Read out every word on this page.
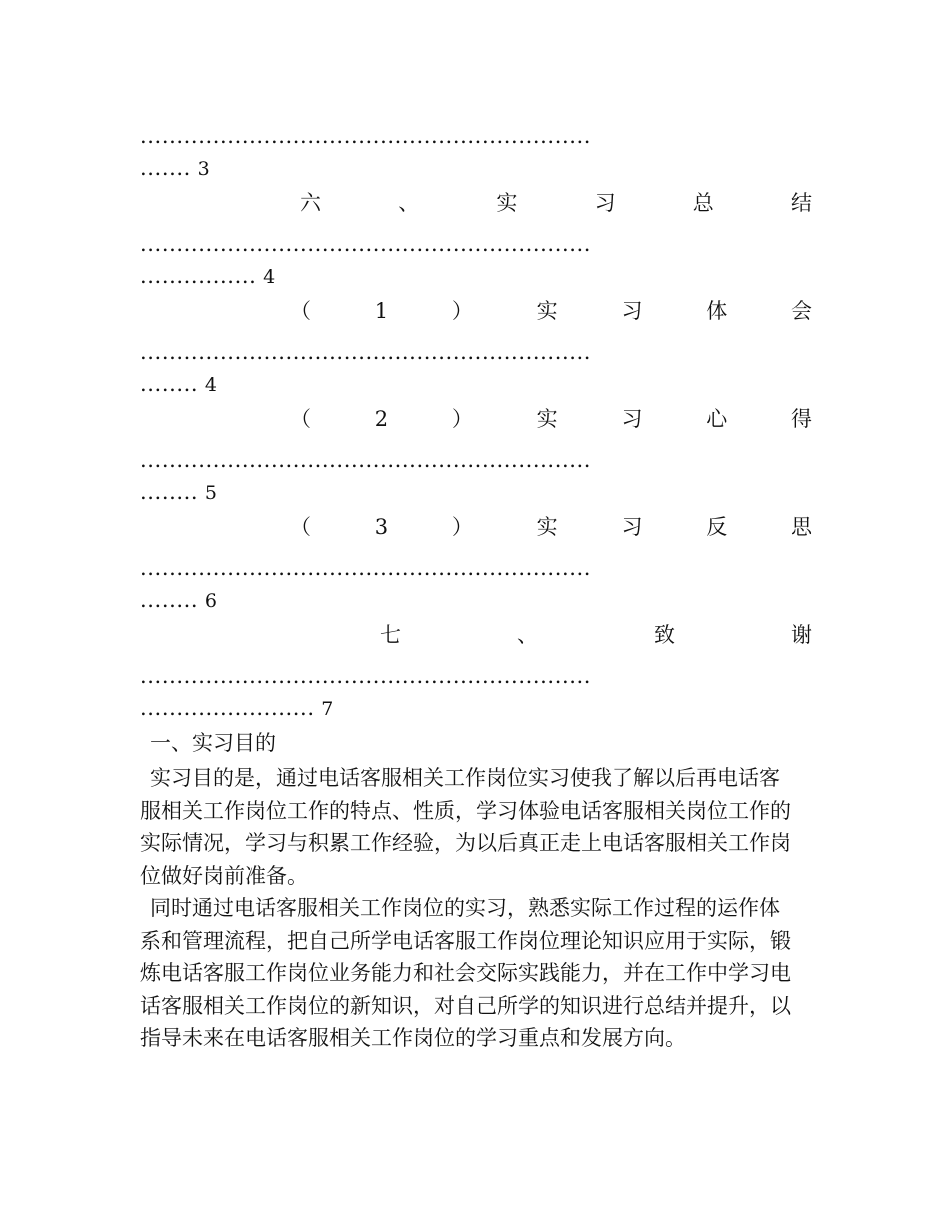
..............................................................
....... 3
六	、	实	习	总	结
..............................................................
................ 4
（	1	）	实	习	体	会
..............................................................
........ 4
（	2	）	实	习	心	得
..............................................................
........ 5
（	3	）	实	习	反	思
..............................................................
........ 6
七	、	致	谢
..............................................................
........................ 7
一、实习目的
实习目的是，通过电话客服相关工作岗位实习使我了解以后再电话客
服相关工作岗位工作的特点、性质，学习体验电话客服相关岗位工作的
实际情况，学习与积累工作经验，为以后真正走上电话客服相关工作岗
位做好岗前准备。
同时通过电话客服相关工作岗位的实习，熟悉实际工作过程的运作体
系和管理流程，把自己所学电话客服工作岗位理论知识应用于实际，锻
炼电话客服工作岗位业务能力和社会交际实践能力，并在工作中学习电
话客服相关工作岗位的新知识，对自己所学的知识进行总结并提升，以
指导未来在电话客服相关工作岗位的学习重点和发展方向。
